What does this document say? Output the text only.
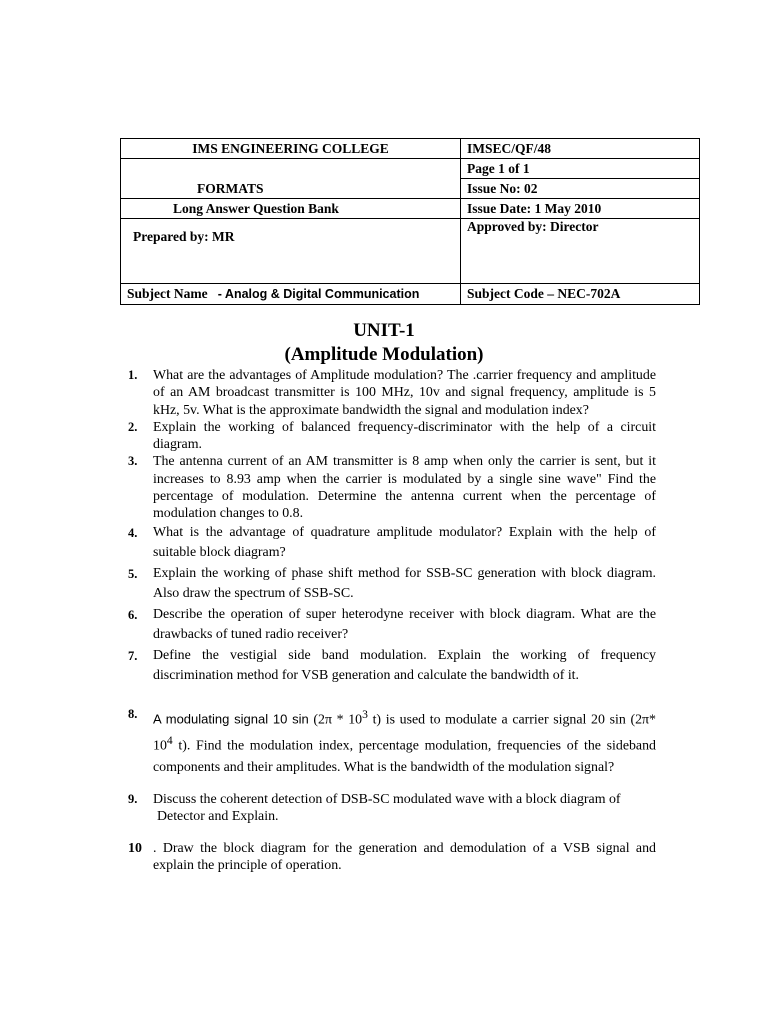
IMS ENGINEERING COLLEGE	IMSEC/QF/48
FORMATS	Page 1 of 1
	Issue No: 02
Long Answer Question Bank	Issue Date: 1 May 2010
Prepared by: MR	Approved by: Director
Subject Name - Analog & Digital Communication	Subject Code – NEC-702A
UNIT-1
(Amplitude Modulation)
1. What are the advantages of Amplitude modulation? The .carrier frequency and amplitude of an AM broadcast transmitter is 100 MHz, 10v and signal frequency, amplitude is 5 kHz, 5v. What is the approximate bandwidth the signal and modulation index?
2. Explain the working of balanced frequency-discriminator with the help of a circuit diagram.
3. The antenna current of an AM transmitter is 8 amp when only the carrier is sent, but it increases to 8.93 amp when the carrier is modulated by a single sine wave" Find the percentage of modulation. Determine the antenna current when the percentage of modulation changes to 0.8.
4. What is the advantage of quadrature amplitude modulator? Explain with the help of suitable block diagram?
5. Explain the working of phase shift method for SSB-SC generation with block diagram. Also draw the spectrum of SSB-SC.
6. Describe the operation of super heterodyne receiver with block diagram. What are the drawbacks of tuned radio receiver?
7. Define the vestigial side band modulation. Explain the working of frequency discrimination method for VSB generation and calculate the bandwidth of it.
8. A modulating signal 10 $\sin (2\pi * 10^3$ t) is used to modulate a carrier signal 20 sin (2π* $10^4$ t). Find the modulation index, percentage modulation, frequencies of the sideband components and their amplitudes. What is the bandwidth of the modulation signal?
9. Discuss the coherent detection of DSB-SC modulated wave with a block diagram of
Detector and Explain.
10 . Draw the block diagram for the generation and demodulation of a VSB signal and explain the principle of operation.
